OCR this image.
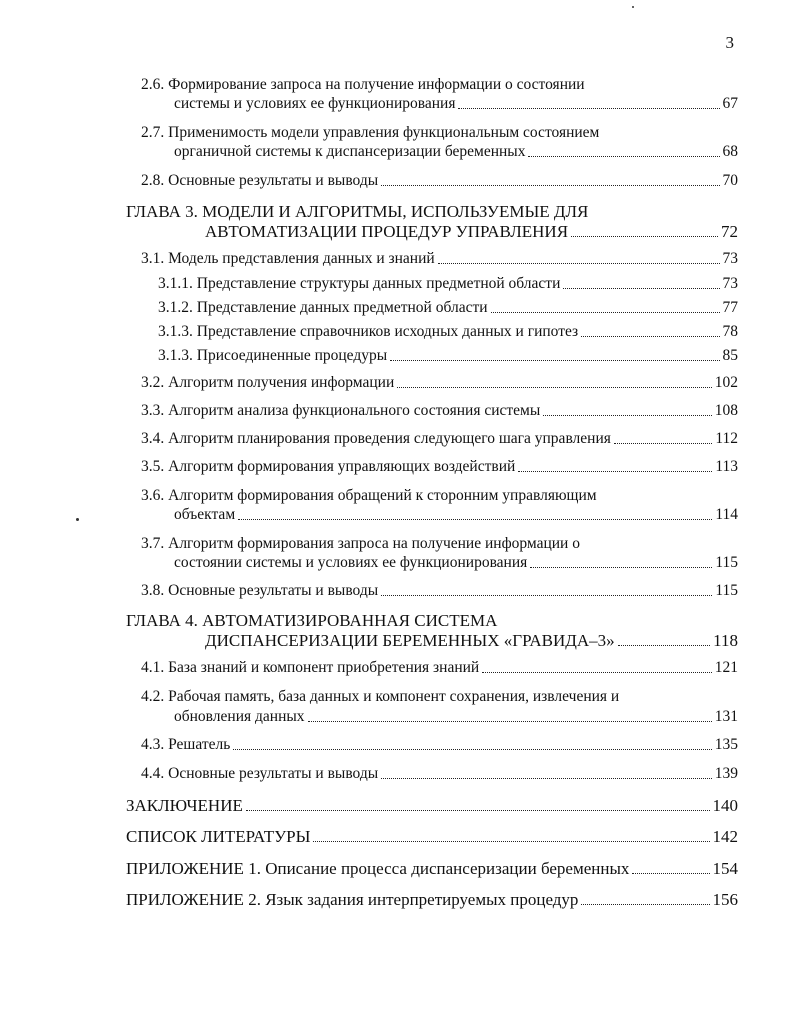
3
2.6. Формирование запроса на получение информации о состоянии
системы и условиях ее функционирования	67
2.7. Применимость модели управления функциональным состоянием
органичной системы к диспансеризации беременных	68
2.8. Основные результаты и выводы	70
ГЛАВА 3. МОДЕЛИ И АЛГОРИТМЫ, ИСПОЛЬЗУЕМЫЕ ДЛЯ
АВТОМАТИЗАЦИИ ПРОЦЕДУР УПРАВЛЕНИЯ	72
3.1. Модель представления данных и знаний	73
3.1.1. Представление структуры данных предметной области	73
3.1.2. Представление данных предметной области	77
3.1.3. Представление справочников исходных данных и гипотез	78
3.1.3. Присоединенные процедуры	85
3.2. Алгоритм получения информации	102
3.3. Алгоритм анализа функционального состояния системы	108
3.4. Алгоритм планирования проведения следующего шага управления	112
3.5. Алгоритм формирования управляющих воздействий	113
3.6. Алгоритм формирования обращений к сторонним управляющим
объектам	114
3.7. Алгоритм формирования запроса на получение информации о
состоянии системы и условиях ее функционирования	115
3.8. Основные результаты и выводы	115
ГЛАВА 4. АВТОМАТИЗИРОВАННАЯ СИСТЕМА
ДИСПАНСЕРИЗАЦИИ БЕРЕМЕННЫХ «ГРАВИДА–3»	118
4.1. База знаний и компонент приобретения знаний	121
4.2. Рабочая память, база данных и компонент сохранения, извлечения и
обновления данных	131
4.3. Решатель	135
4.4. Основные результаты и выводы	139
ЗАКЛЮЧЕНИЕ	140
СПИСОК ЛИТЕРАТУРЫ	142
ПРИЛОЖЕНИЕ 1. Описание процесса диспансеризации беременных	154
ПРИЛОЖЕНИЕ 2. Язык задания интерпретируемых процедур	156
